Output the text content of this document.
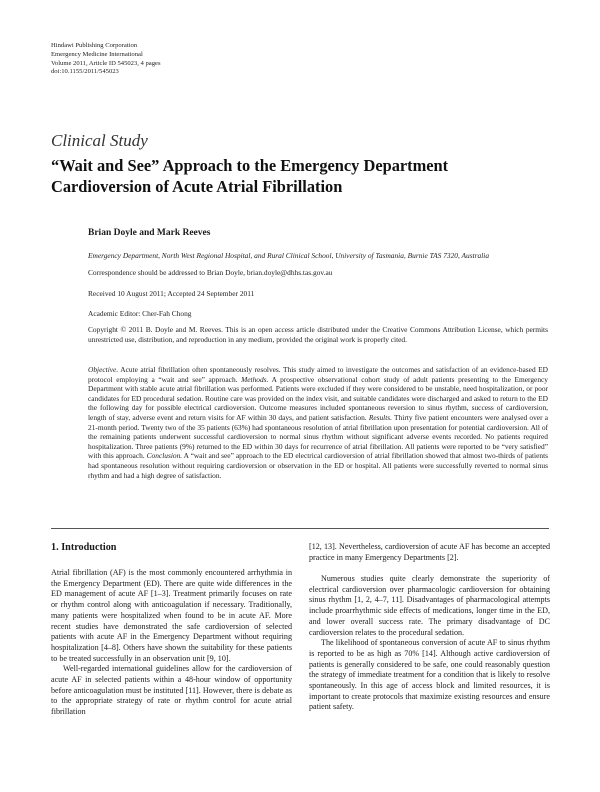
Hindawi Publishing Corporation
Emergency Medicine International
Volume 2011, Article ID 545023, 4 pages
doi:10.1155/2011/545023
Clinical Study
“Wait and See” Approach to the Emergency Department
Cardioversion of Acute Atrial Fibrillation
Brian Doyle and Mark Reeves
Emergency Department, North West Regional Hospital, and Rural Clinical School, University of Tasmania, Burnie TAS 7320, Australia
Correspondence should be addressed to Brian Doyle, brian.doyle@dhhs.tas.gov.au
Received 10 August 2011; Accepted 24 September 2011
Academic Editor: Cher-Fah Chong
Copyright © 2011 B. Doyle and M. Reeves. This is an open access article distributed under the Creative Commons Attribution License, which permits unrestricted use, distribution, and reproduction in any medium, provided the original work is properly cited.
Objective. Acute atrial fibrillation often spontaneously resolves. This study aimed to investigate the outcomes and satisfaction of an evidence-based ED protocol employing a “wait and see” approach. Methods. A prospective observational cohort study of adult patients presenting to the Emergency Department with stable acute atrial fibrillation was performed. Patients were excluded if they were considered to be unstable, need hospitalization, or poor candidates for ED procedural sedation. Routine care was provided on the index visit, and suitable candidates were discharged and asked to return to the ED the following day for possible electrical cardioversion. Outcome measures included spontaneous reversion to sinus rhythm, success of cardioversion, length of stay, adverse event and return visits for AF within 30 days, and patient satisfaction. Results. Thirty five patient encounters were analysed over a 21-month period. Twenty two of the 35 patients (63%) had spontaneous resolution of atrial fibrillation upon presentation for potential cardioversion. All of the remaining patients underwent successful cardioversion to normal sinus rhythm without significant adverse events recorded. No patients required hospitalization. Three patients (9%) returned to the ED within 30 days for recurrence of atrial fibrillation. All patients were reported to be “very satisfied” with this approach. Conclusion. A “wait and see” approach to the ED electrical cardioversion of atrial fibrillation showed that almost two-thirds of patients had spontaneous resolution without requiring cardioversion or observation in the ED or hospital. All patients were successfully reverted to normal sinus rhythm and had a high degree of satisfaction.
1. Introduction

Atrial fibrillation (AF) is the most commonly encountered arrhythmia in the Emergency Department (ED). There are quite wide differences in the ED management of acute AF [1–3]. Treatment primarily focuses on rate or rhythm control along with anticoagulation if necessary. Traditionally, many patients were hospitalized when found to be in acute AF. More recent studies have demonstrated the safe cardioversion of selected patients with acute AF in the Emergency Department without requiring hospitalization [4–8]. Others have shown the suitability for these patients to be treated successfully in an observation unit [9, 10].

Well-regarded international guidelines allow for the cardioversion of acute AF in selected patients within a 48-hour window of opportunity before anticoagulation must be instituted [11]. However, there is debate as to the appropriate strategy of rate or rhythm control for acute atrial fibrillation

[12, 13]. Nevertheless, cardioversion of acute AF has become an accepted practice in many Emergency Departments [2].

Numerous studies quite clearly demonstrate the superiority of electrical cardioversion over pharmacologic cardioversion for obtaining sinus rhythm [1, 2, 4–7, 11]. Disadvantages of pharmacological attempts include proarrhythmic side effects of medications, longer time in the ED, and lower overall success rate. The primary disadvantage of DC cardioversion relates to the procedural sedation.

The likelihood of spontaneous conversion of acute AF to sinus rhythm is reported to be as high as 70% [14]. Although active cardioversion of patients is generally considered to be safe, one could reasonably question the strategy of immediate treatment for a condition that is likely to resolve spontaneously. In this age of access block and limited resources, it is important to create protocols that maximize existing resources and ensure patient safety.
